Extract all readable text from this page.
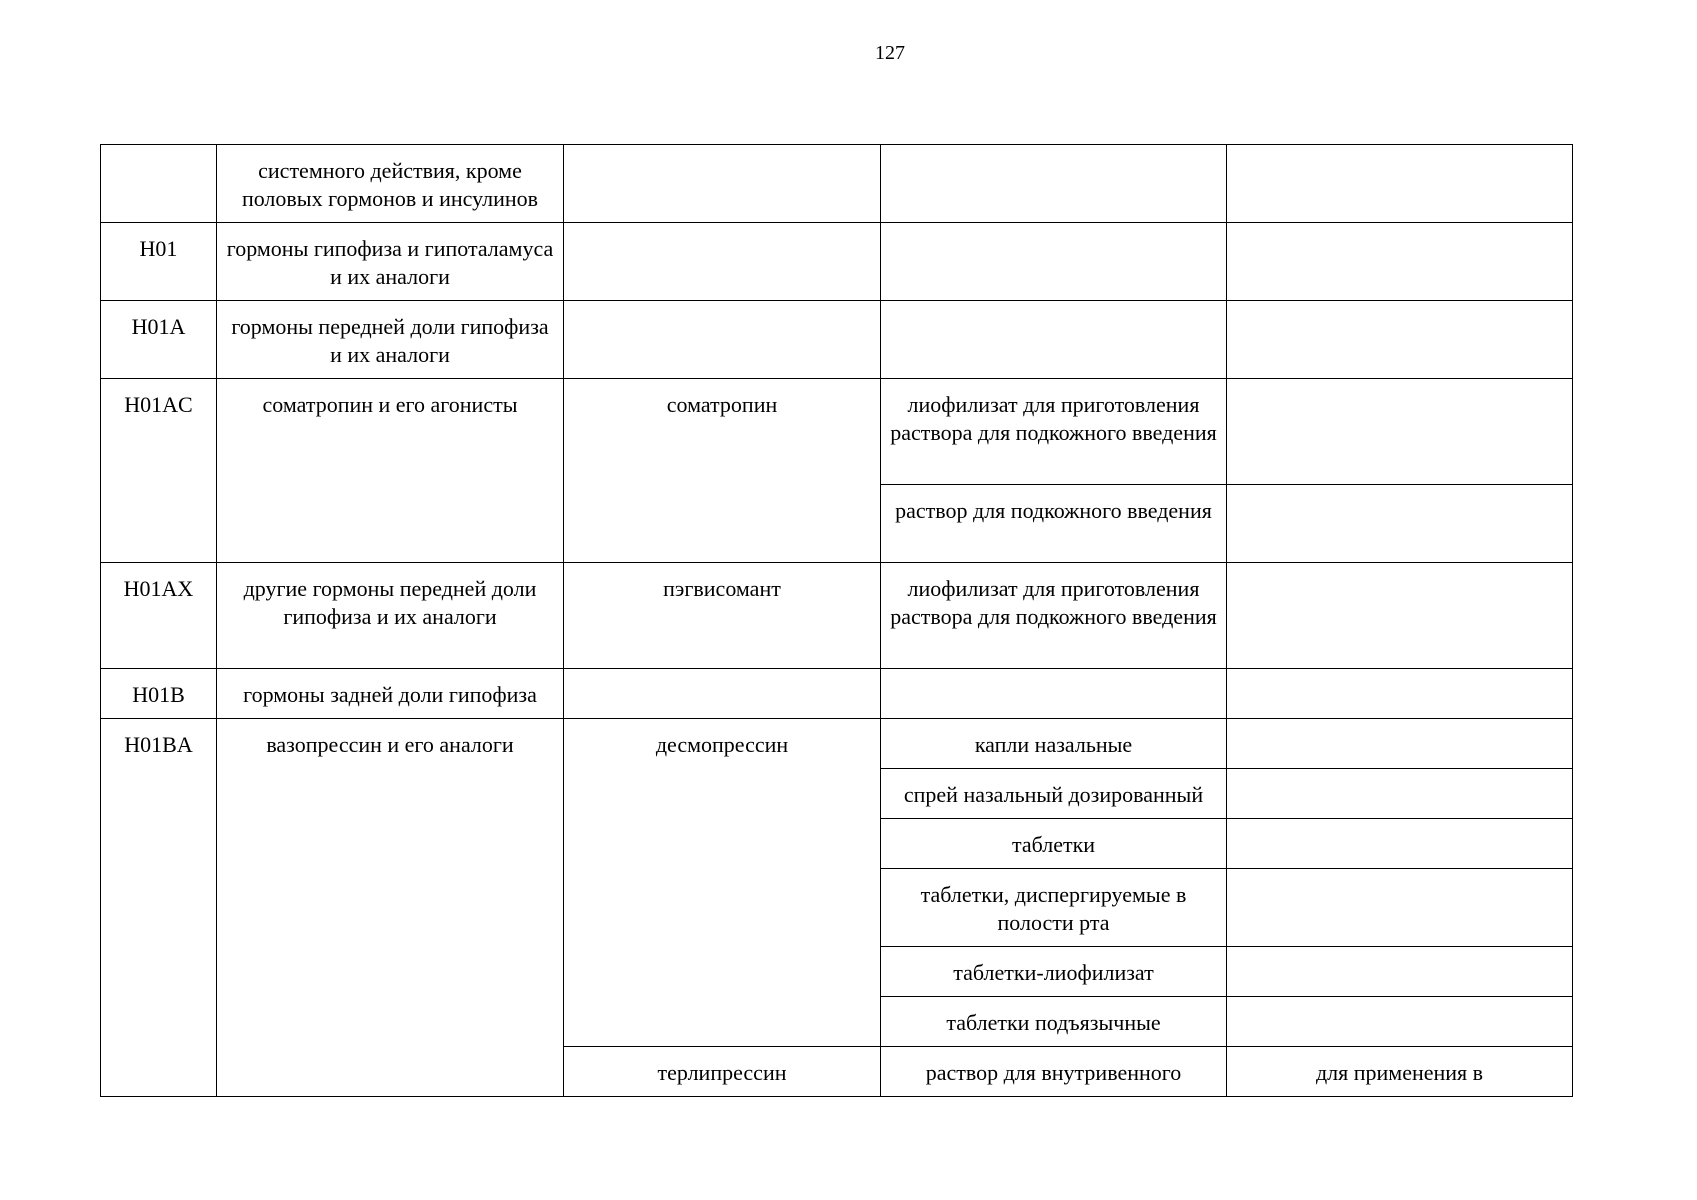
127
	системного действия, кроме половых гормонов и инсулинов			
H01	гормоны гипофиза и гипоталамуса и их аналоги			
H01A	гормоны передней доли гипофиза и их аналоги			
H01AC	соматропин и его агонисты	соматропин	лиофилизат для приготовления раствора для подкожного введения	
			раствор для подкожного введения	
H01AX	другие гормоны передней доли гипофиза и их аналоги	пэгвисомант	лиофилизат для приготовления раствора для подкожного введения	
H01B	гормоны задней доли гипофиза			
H01BA	вазопрессин и его аналоги	десмопрессин	капли назальные	
			спрей назальный дозированный	
			таблетки	
			таблетки, диспергируемые в полости рта	
			таблетки-лиофилизат	
			таблетки подъязычные	
		терлипрессин	раствор для внутривенного	для применения в
